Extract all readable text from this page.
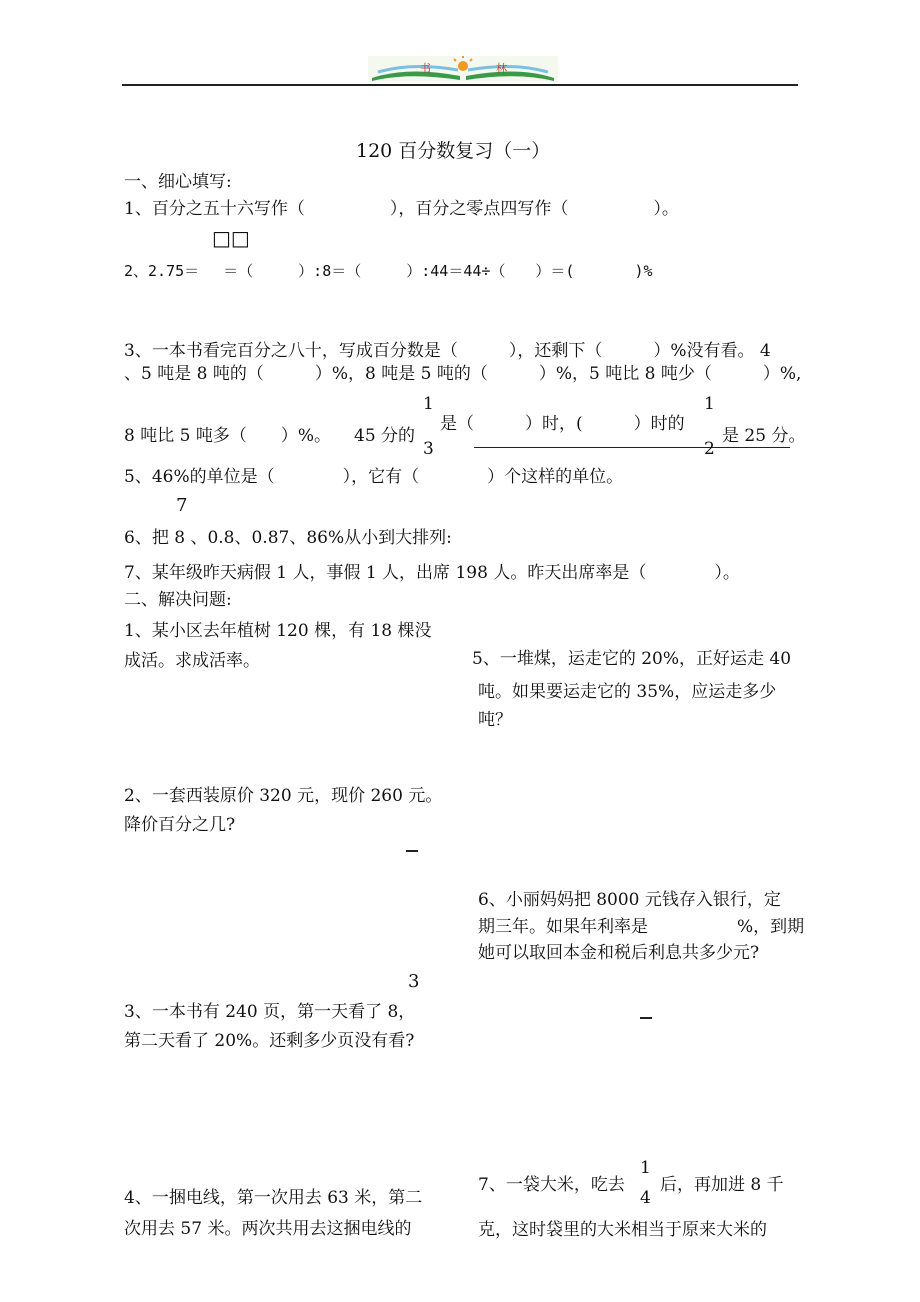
书	林
120 百分数复习（一）
一、细心填写:
1、百分之五十六写作（　　　　　），百分之零点四写作（　　　　　）。
□□
2、2.75＝　 ＝（　　　）:8＝（　　　）:44＝44÷（　　）＝(　　　　)%
3、一本书看完百分之八十，写成百分数是（　　　），还剩下（　　　）%没有看。 4
、5 吨是 8 吨的（　　　）%，8 吨是 5 吨的（　　　）%，5 吨比 8 吨少（　　　）%,
8 吨比 5 吨多（　　）%。 45 分的
1
3
是（　　　）时，(　　　）时的
1
2
是 25 分。
5、46%的单位是（　　　　），它有（　　　　）个这样的单位。
7
6、把 8 、0.8、0.87、86%从小到大排列:
7、某年级昨天病假 1 人，事假 1 人，出席 198 人。昨天出席率是（　　　　）。
二、解决问题:
1、某小区去年植树 120 棵，有 18 棵没
成活。求成活率。	5、一堆煤，运走它的 20%，正好运走 40
吨。如果要运走它的 35%，应运走多少
吨？
2、一套西装原价 320 元，现价 260 元。
降价百分之几?
6、小丽妈妈把 8000 元钱存入银行，定
期三年。如果年利率是	%，到期
她可以取回本金和税后利息共多少元?
3
3、一本书有 240 页，第一天看了 8，
第二天看了 20%。还剩多少页没有看?
7、一袋大米，吃去
1
4
后，再加进 8 千
克，这时袋里的大米相当于原来大米的
4、一捆电线，第一次用去 63 米，第二
次用去 57 米。两次共用去这捆电线的
